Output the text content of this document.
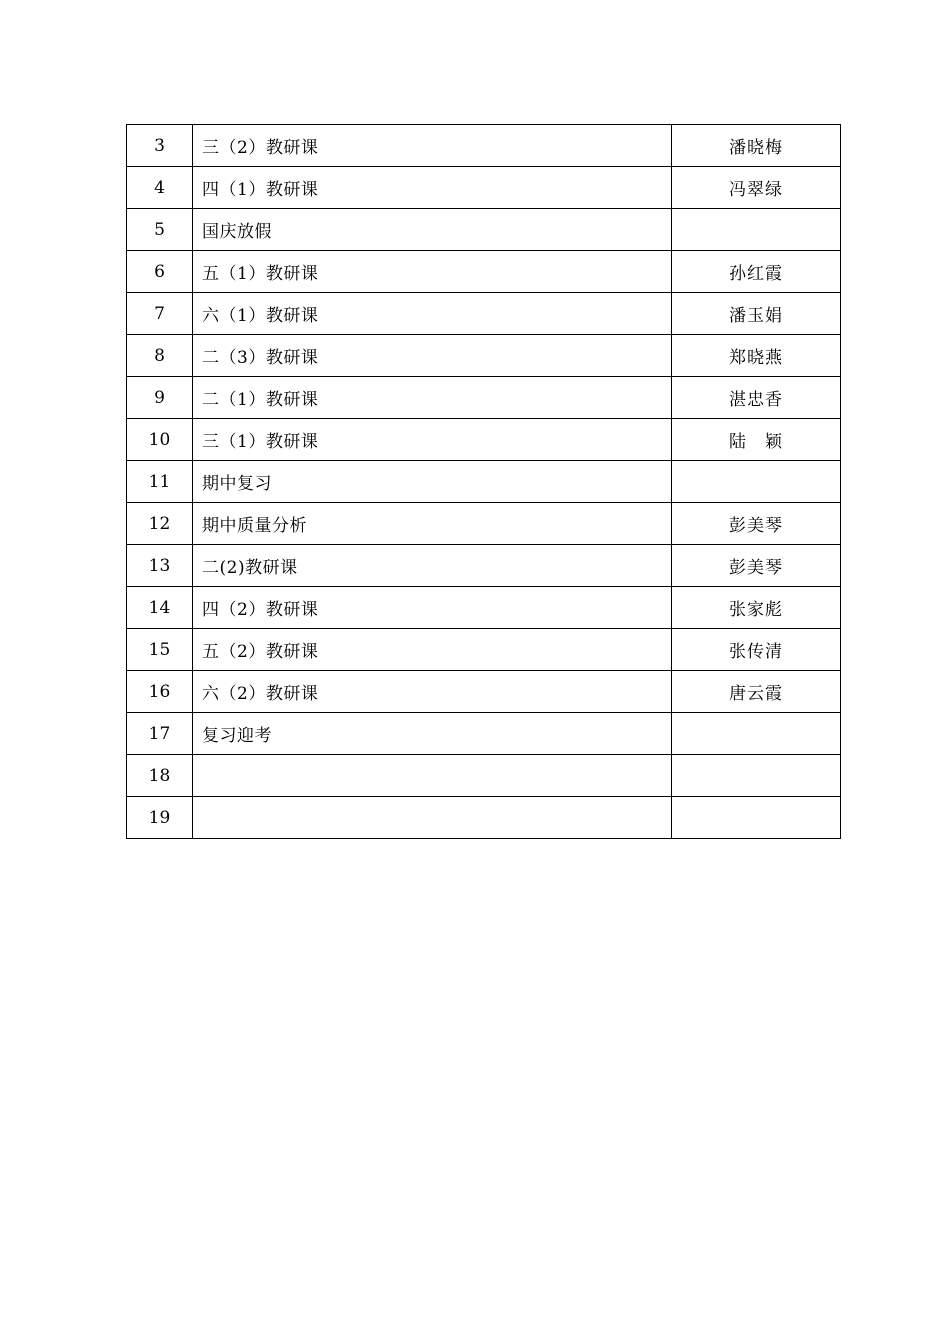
3	三（2）教研课	潘晓梅
4	四（1）教研课	冯翠绿
5	国庆放假	
6	五（1）教研课	孙红霞
7	六（1）教研课	潘玉娟
8	二（3）教研课	郑晓燕
9	二（1）教研课	湛忠香
10	三（1）教研课	陆　颖
11	期中复习	
12	期中质量分析	彭美琴
13	二(2)教研课	彭美琴
14	四（2）教研课	张家彪
15	五（2）教研课	张传清
16	六（2）教研课	唐云霞
17	复习迎考	
18		
19		
